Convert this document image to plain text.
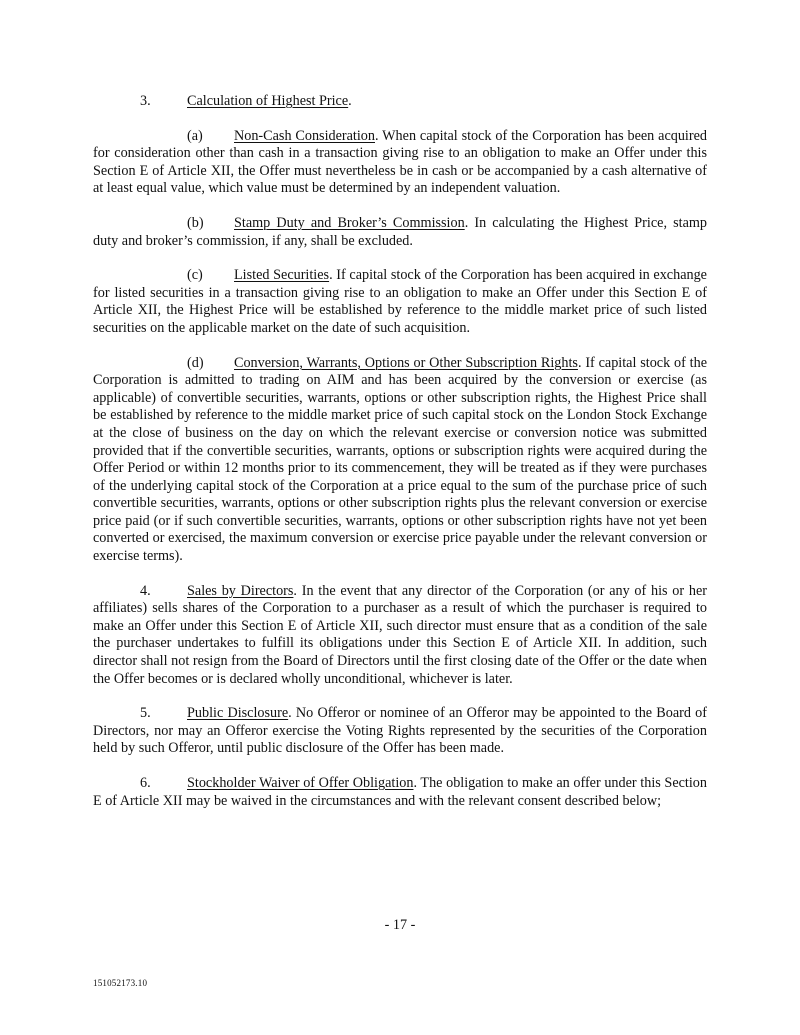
3.	Calculation of Highest Price.

(a) Non-Cash Consideration. When capital stock of the Corporation has been acquired for consideration other than cash in a transaction giving rise to an obligation to make an Offer under this Section E of Article XII, the Offer must nevertheless be in cash or be accompanied by a cash alternative of at least equal value, which value must be determined by an independent valuation.

(b) Stamp Duty and Broker’s Commission. In calculating the Highest Price, stamp duty and broker’s commission, if any, shall be excluded.

(c) Listed Securities. If capital stock of the Corporation has been acquired in exchange for listed securities in a transaction giving rise to an obligation to make an Offer under this Section E of Article XII, the Highest Price will be established by reference to the middle market price of such listed securities on the applicable market on the date of such acquisition.

(d) Conversion, Warrants, Options or Other Subscription Rights. If capital stock of the Corporation is admitted to trading on AIM and has been acquired by the conversion or exercise (as applicable) of convertible securities, warrants, options or other subscription rights, the Highest Price shall be established by reference to the middle market price of such capital stock on the London Stock Exchange at the close of business on the day on which the relevant exercise or conversion notice was submitted provided that if the convertible securities, warrants, options or subscription rights were acquired during the Offer Period or within 12 months prior to its commencement, they will be treated as if they were purchases of the underlying capital stock of the Corporation at a price equal to the sum of the purchase price of such convertible securities, warrants, options or other subscription rights plus the relevant conversion or exercise price paid (or if such convertible securities, warrants, options or other subscription rights have not yet been converted or exercised, the maximum conversion or exercise price payable under the relevant conversion or exercise terms).

4.	Sales by Directors. In the event that any director of the Corporation (or any of his or her affiliates) sells shares of the Corporation to a purchaser as a result of which the purchaser is required to make an Offer under this Section E of Article XII, such director must ensure that as a condition of the sale the purchaser undertakes to fulfill its obligations under this Section E of Article XII. In addition, such director shall not resign from the Board of Directors until the first closing date of the Offer or the date when the Offer becomes or is declared wholly unconditional, whichever is later.

5.	Public Disclosure. No Offeror or nominee of an Offeror may be appointed to the Board of Directors, nor may an Offeror exercise the Voting Rights represented by the securities of the Corporation held by such Offeror, until public disclosure of the Offer has been made.

6.	Stockholder Waiver of Offer Obligation. The obligation to make an offer under this Section E of Article XII may be waived in the circumstances and with the relevant consent described below;

- 17 -
151052173.10
